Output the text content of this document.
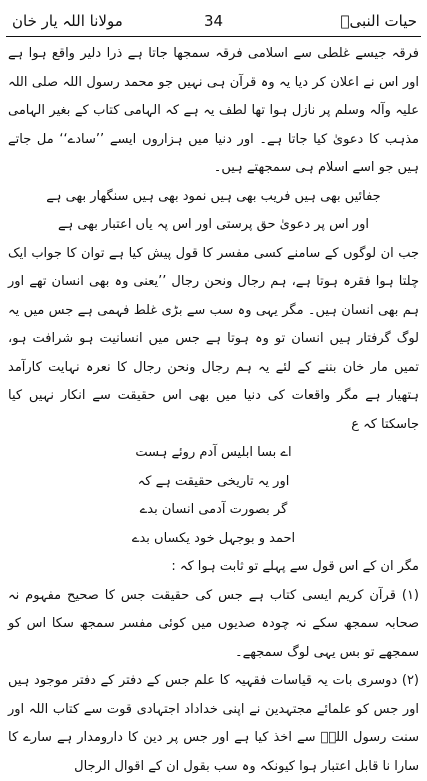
مولانا اللہ یار خان	34	حیات النبیؐ

فرقہ جیسے غلطی سے اسلامی فرقہ سمجھا جاتا ہے ذرا دلیر واقع ہوا ہے اور اس نے اعلان کر دیا یہ وہ قرآن ہی نہیں جو محمد رسول اللہ صلی اللہ علیہ وآلہ وسلم پر نازل ہوا تھا لطف یہ ہے کہ الہامی کتاب کے بغیر الہامی مذہب کا دعویٰ کیا جاتا ہے۔ اور دنیا میں ہزاروں ایسے ’’سادے‘‘ مل جاتے ہیں جو اسے اسلام ہی سمجھتے ہیں۔

جفائیں بھی ہیں فریب بھی ہیں نمود بھی ہیں سنگھار بھی ہے

اور اس پر دعویٰ حق پرستی اور اس پہ یاں اعتبار بھی ہے

جب ان لوگوں کے سامنے کسی مفسر کا قول پیش کیا ہے توان کا جواب ایک چلتا ہوا فقرہ ہوتا ہے، ہم رجال ونحن رجال ’’یعنی وہ بھی انسان تھے اور ہم بھی انسان ہیں۔ مگر یہی وہ سب سے بڑی غلط فہمی ہے جس میں یہ لوگ گرفتار ہیں انسان تو وہ ہوتا ہے جس میں انسانیت ہو شرافت ہو، تمیں مار خان بننے کے لئے یہ ہم رجال ونحن رجال کا نعرہ نہایت کارآمد ہتھیار ہے مگر واقعات کی دنیا میں بھی اس حقیقت سے انکار نہیں کیا جاسکتا کہ ع

اے بسا ابلیس آدم روئے ہست

اور یہ تاریخی حقیقت ہے کہ

گر بصورت آدمی انسان بدے

احمد و بوجہل خود یکساں بدے

مگر ان کے اس قول سے پہلے تو ثابت ہوا کہ :

(۱) قرآن کریم ایسی کتاب ہے جس کی حقیقت جس کا صحیح مفہوم نہ صحابہ سمجھ سکے نہ چودہ صدیوں میں کوئی مفسر سمجھ سکا اس کو سمجھے تو بس یہی لوگ سمجھے۔

(۲) دوسری بات یہ قیاسات فقہیہ کا علم جس کے دفتر کے دفتر موجود ہیں اور جس کو علمائے مجتہدین نے اپنی خداداد اجتہادی قوت سے کتاب اللہ اور سنت رسول اللہؐ سے اخذ کیا ہے اور جس پر دین کا دارومدار ہے سارے کا سارا نا قابل اعتبار ہوا کیونکہ وہ سب بقول ان کے اقوال الرجال
